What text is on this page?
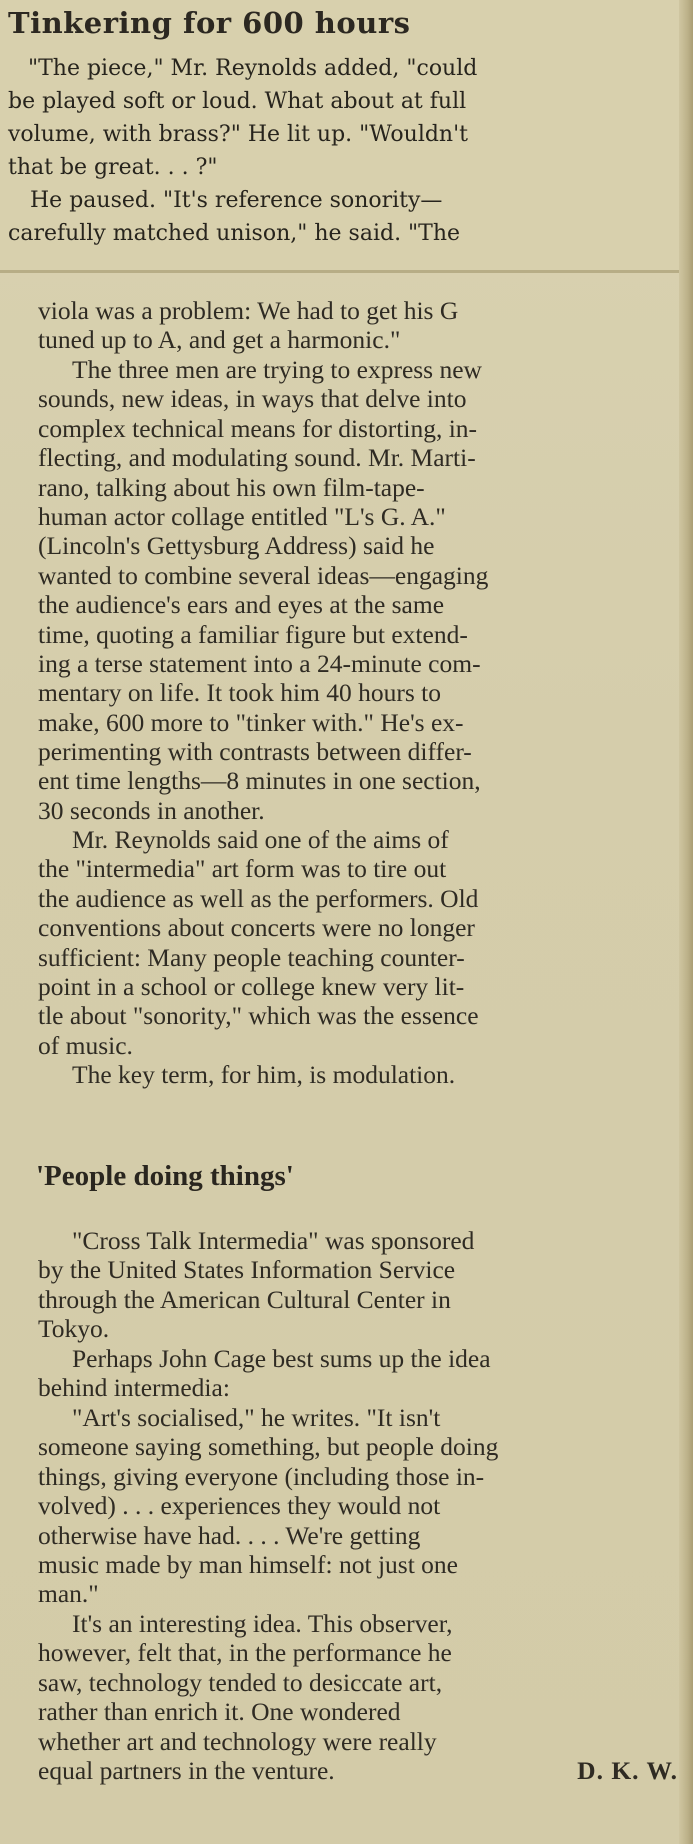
Tinkering for 600 hours
"The piece," Mr. Reynolds added, "could
be played soft or loud. What about at full
volume, with brass?" He lit up. "Wouldn't
that be great. . . ?"
He paused. "It's reference sonority—
carefully matched unison," he said. "The
viola was a problem: We had to get his G
tuned up to A, and get a harmonic."
The three men are trying to express new
sounds, new ideas, in ways that delve into
complex technical means for distorting, in-
flecting, and modulating sound. Mr. Marti-
rano, talking about his own film-tape-
human actor collage entitled "L's G. A."
(Lincoln's Gettysburg Address) said he
wanted to combine several ideas—engaging
the audience's ears and eyes at the same
time, quoting a familiar figure but extend-
ing a terse statement into a 24-minute com-
mentary on life. It took him 40 hours to
make, 600 more to "tinker with." He's ex-
perimenting with contrasts between differ-
ent time lengths—8 minutes in one section,
30 seconds in another.
Mr. Reynolds said one of the aims of
the "intermedia" art form was to tire out
the audience as well as the performers. Old
conventions about concerts were no longer
sufficient: Many people teaching counter-
point in a school or college knew very lit-
tle about "sonority," which was the essence
of music.
The key term, for him, is modulation.
'People doing things'
"Cross Talk Intermedia" was sponsored
by the United States Information Service
through the American Cultural Center in
Tokyo.
Perhaps John Cage best sums up the idea
behind intermedia:
"Art's socialised," he writes. "It isn't
someone saying something, but people doing
things, giving everyone (including those in-
volved) . . . experiences they would not
otherwise have had. . . . We're getting
music made by man himself: not just one
man."
It's an interesting idea. This observer,
however, felt that, in the performance he
saw, technology tended to desiccate art,
rather than enrich it. One wondered
whether art and technology were really
equal partners in the venture.	D. K. W.
